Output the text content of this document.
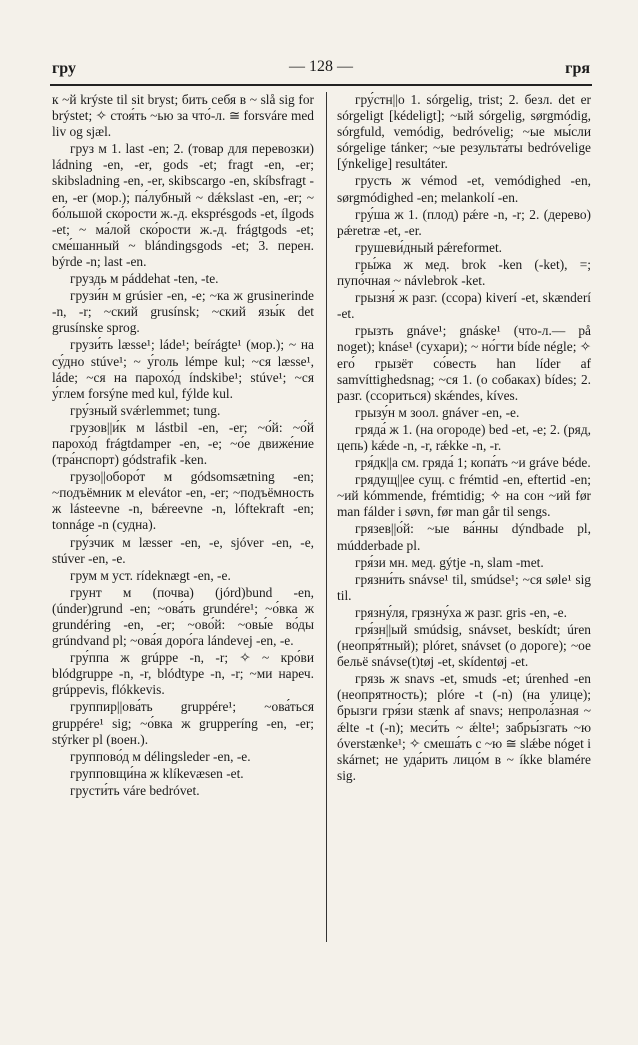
гру	— 128 —	гря

к ~й krýste til sit bryst; бить себя в ~ slå sig for brýstet; ✧ стоя́ть ~ью за что́-л. ≅ forsváre med liv og sjæl.

груз м 1. last -en; 2. (товар для перевозки) ládning -en, -er, gods -et; fragt -en, -er; skibsladning -en, -er, skibscargo -en, skíbsfragt -en, -er (мор.); па́лубный ~ dǽkslast -en, -er; ~ бо́льшой ско́рости ж.-д. eksprésgods -et, ílgods -et; ~ ма́лой ско́рости ж.-д. frágtgods -et; сме́шанный ~ blándingsgods -et; 3. перен. býrde -n; last -en.

груздь м páddehat -ten, -te.

грузи́н м grúsier -en, -e; ~ка ж grusinerinde -n, -r; ~ский grusínsk; ~ский язы́к det grusínske sprog.

грузи́ть læsse¹; láde¹; beírágte¹ (мор.); ~ на су́дно stúve¹; ~ у́голь lémpe kul; ~ся læsse¹, láde; ~ся на парохо́д índskibe¹; stúve¹; ~ся у́глем forsýne med kul, fýlde kul.

гру́зный svǽrlemmet; tung.

грузов||и́к м lástbil -en, -er; ~о́й: ~о́й парохо́д frágtdamper -en, -e; ~о́е движе́ние (тра́нспорт) gódstrafik -ken.

грузо||оборо́т м gódsomsætning -en; ~подъёмник м elevátor -en, -er; ~подъёмность ж lásteevne -n, bǽreevne -n, lóftekraft -en; tonnáge -n (судна).

гру́зчик м læsser -en, -e, sjóver -en, -e, stúver -en, -e.

грум м уст. rídeknægt -en, -e.

грунт м (почва) (jórd)bund -en, (únder)grund -en; ~ова́ть grundére¹; ~о́вка ж grundéring -en, -er; ~ово́й: ~овы́е во́ды grúndvand pl; ~ова́я доро́га lándevej -en, -e.

гру́ппа ж grúppe -n, -r; ✧ ~ кро́ви blódgruppe -n, -r, blódtype -n, -r; ~ми нареч. grúppevis, flókkevis.

группир||ова́ть gruppére¹; ~ова́ться gruppére¹ sig; ~о́вка ж grupperíng -en, -er; stýrker pl (воен.).

группово́д м délingsleder -en, -e.

групповщи́на ж klíkevæsen -et.

грусти́ть váre bedróvet.

гру́стн||о 1. sórgelig, trist; 2. безл. det er sórgeligt [kédeligt]; ~ый sórgelig, sørgmódig, sórgfuld, vemódig, bedróvelig; ~ые мы́сли sórgelige tánker; ~ые результа́ты bedróvelige [ýnkelige] resultáter.

грусть ж vémod -et, vemódighed -en, sørgmódighed -en; melankolí -en.

гру́ша ж 1. (плод) pǽre -n, -r; 2. (дерево) pǽretræ -et, -er.

грушеви́дный pǽreformet.

гры́жа ж мед. brok -ken (-ket), =; пупо́чная ~ návlebrok -ket.

грызня́ ж разг. (ссора) kiverí -et, skænderí -et.

грызть gnáve¹; gnáske¹ (что-л.— på noget); knáse¹ (сухари); ~ но́гти bíde négle; ✧ его́ грызёт со́весть han líder af samvíttighedsnag; ~ся 1. (о собаках) bídes; 2. разг. (ссориться) skǽndes, kíves.

грызу́н м зоол. gnáver -en, -e.

гряда́ ж 1. (на огороде) bed -et, -e; 2. (ряд, цепь) kǽde -n, -r, rǽkke -n, -r.

гря́дк||а см. гряда́ 1; копа́ть ~и gráve béde.

грядущ||ее сущ. с frémtid -en, eftertid -en; ~ий kómmende, frémtidig; ✧ на сон ~ий før man fálder i søvn, før man går til sengs.

грязев||о́й: ~ые ва́нны dýndbade pl, múdderbade pl.

гря́зи мн. мед. gýtje -n, slam -met.

грязни́ть snávse¹ til, smúdse¹; ~ся søle¹ sig til.

грязну́ля, грязну́ха ж разг. gris -en, -e.

гря́зн||ый smúdsig, snávset, beskídt; úren (неопря́тный); plóret, snávset (о дороге); ~ое бельё snávse(t)tøj -et, skídentøj -et.

грязь ж snavs -et, smuds -et; úrenhed -en (неопрятность); plóre -t (-n) (на улице); брызги гря́зи stænk af snavs; непрола́зная ~ ǽlte -t (-n); меси́ть ~ ǽlte¹; забры́згать ~ю óverstænke¹; ✧ смеша́ть с ~ю ≅ slǽbe nóget i skárnet; не уда́рить лицо́м в ~ íkke blamére sig.
